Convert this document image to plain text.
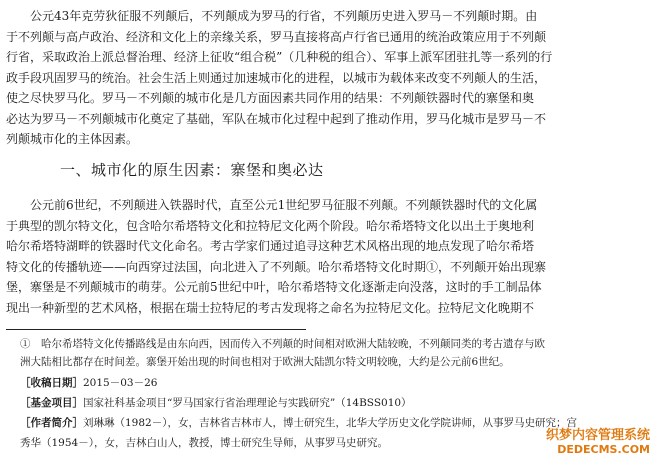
公元43年克劳狄征服不列颠后，不列颠成为罗马的行省，不列颠历史进入罗马－不列颠时期。由
于不列颠与高卢政治、经济和文化上的亲缘关系，罗马直接将高卢行省已通用的统治政策应用于不列颠
行省，采取政治上派总督治理、经济上征收“组合税”（几种税的组合）、军事上派军团驻扎等一系列的行
政手段巩固罗马的统治。社会生活上则通过加速城市化的进程，以城市为载体来改变不列颠人的生活，
使之尽快罗马化。罗马－不列颠的城市化是几方面因素共同作用的结果：不列颠铁器时代的寨堡和奥
必达为罗马－不列颠城市化奠定了基础，军队在城市化过程中起到了推动作用，罗马化城市是罗马－不
列颠城市化的主体因素。
一、城市化的原生因素：寨堡和奥必达
公元前6世纪，不列颠进入铁器时代，直至公元1世纪罗马征服不列颠。不列颠铁器时代的文化属
于典型的凯尔特文化，包含哈尔希塔特文化和拉特尼文化两个阶段。哈尔希塔特文化以出土于奥地利
哈尔希塔特湖畔的铁器时代文化命名。考古学家们通过追寻这种艺术风格出现的地点发现了哈尔希塔
特文化的传播轨迹——向西穿过法国，向北进入了不列颠。哈尔希塔特文化时期①，不列颠开始出现寨
堡，寨堡是不列颠城市的萌芽。公元前5世纪中叶，哈尔希塔特文化逐渐走向没落，这时的手工制品体
现出一种新型的艺术风格，根据在瑞士拉特尼的考古发现将之命名为拉特尼文化。拉特尼文化晚期不
①　哈尔希塔特文化传播路线是由东向西，因而传入不列颠的时间相对欧洲大陆较晚，不列颠同类的考古遗存与欧
洲大陆相比都存在时间差。寨堡开始出现的时间也相对于欧洲大陆凯尔特文明较晚，大约是公元前6世纪。
［收稿日期］2015－03－26
［基金项目］国家社科基金项目“罗马国家行省治理理论与实践研究”（14BSS010）
［作者简介］刘琳琳（1982－），女，吉林省吉林市人，博士研究生，北华大学历史文化学院讲师，从事罗马史研究；宫
秀华（1954－），女，吉林白山人，教授，博士研究生导师，从事罗马史研究。	织梦内容管理系统
DEDECMS.COM
